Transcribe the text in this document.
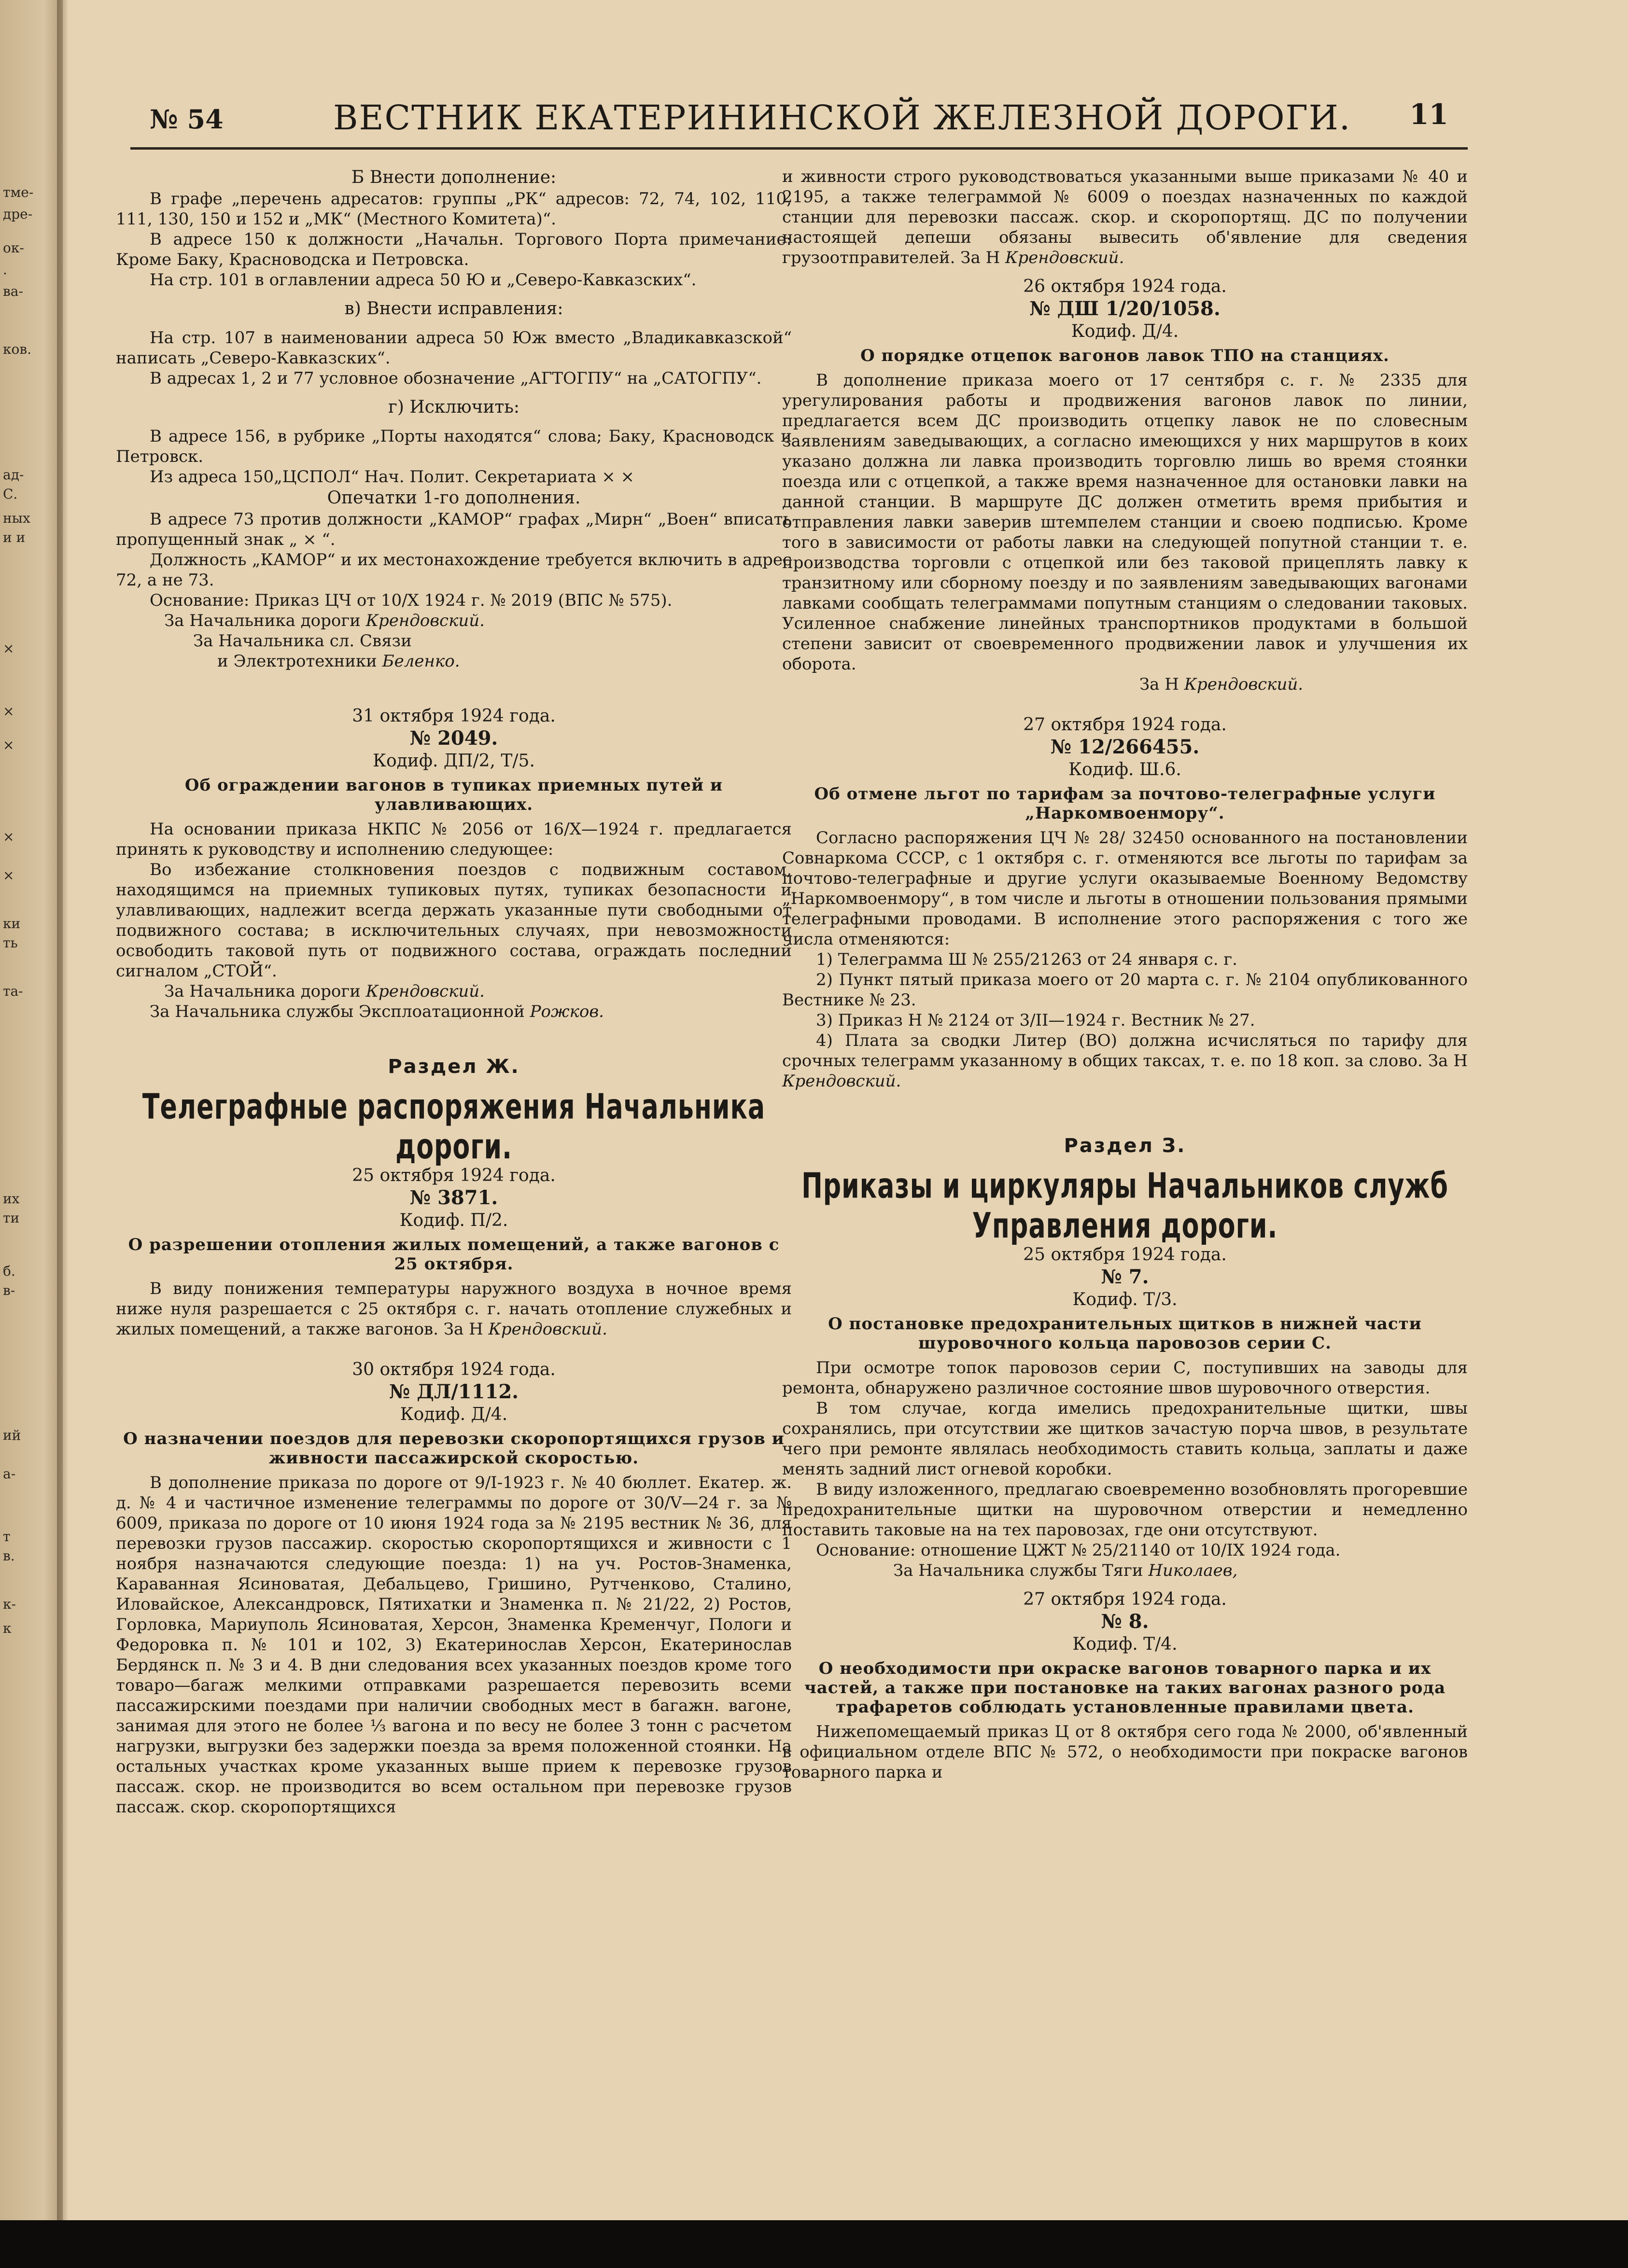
тме-
дре-
ок-
.
ва-
ков.
ад-
С.
ных
и и
×
×
×
×
×
ки
ть
та-
их
ти
б.
в-
ий
а-
т
в.
к-
к
№ 54	ВЕСТНИК ЕКАТЕРИНИНСКОЙ ЖЕЛЕЗНОЙ ДОРОГИ. 11

Б Внести дополнение:

В графе „перечень адресатов: группы „РК“ адресов: 72, 74, 102, 110, 111, 130, 150 и 152 и „МК“ (Местного Комитета)“.

В адресе 150 к должности „Начальн. Торгового Порта примечание: Кроме Баку, Красноводска и Петровска.

На стр. 101 в оглавлении адреса 50 Ю и „Северо-Кавказских“.

в) Внести исправления:

На стр. 107 в наименовании адреса 50 Юж вместо „Владикавказской“ написать „Северо-Кавказских“.

В адресах 1, 2 и 77 условное обозначение „АГТОГПУ“ на „САТОГПУ“.

г) Исключить:

В адресе 156, в рубрике „Порты находятся“ слова; Баку, Красноводск и Петровск.

Из адреса 150„ЦСПОЛ“ Нач. Полит. Секретариата × ×

Опечатки 1-го дополнения.

В адресе 73 против должности „КАМОР“ графах „Мирн“ „Воен“ вписать пропущенный знак „ × “.

Должность „КАМОР“ и их местонахождение требуется включить в адрес 72, а не 73.

Основание: Приказ ЦЧ от 10/Х 1924 г. № 2019 (ВПС № 575).

За Начальника дороги Крендовский.

За Начальника сл. Связи

и Электротехники Беленко.

31 октября 1924 года.

№ 2049.

Кодиф. ДП/2, Т/5.

Об ограждении вагонов в тупиках приемных путей и улавливающих.

На основании приказа НКПС № 2056 от 16/Х—1924 г. предлагается принять к руководству и исполнению следующее:

Во избежание столкновения поездов с подвижным составом, находящимся на приемных тупиковых путях, тупиках безопасности и улавливающих, надлежит всегда держать указанные пути свободными от подвижного состава; в исключительных случаях, при невозможности освободить таковой путь от подвижного состава, ограждать последний сигналом „СТОЙ“.

За Начальника дороги Крендовский.

За Начальника службы Эксплоатационной Рожков.

Раздел Ж.

Телеграфные распоряжения Начальника дороги.

25 октября 1924 года.

№ 3871.

Кодиф. П/2.

О разрешении отопления жилых помещений, а также вагонов с 25 октября.

В виду понижения температуры наружного воздуха в ночное время ниже нуля разрешается с 25 октября с. г. начать отопление служебных и жилых помещений, а также вагонов. За Н Крендовский.

30 октября 1924 года.

№ ДЛ/1112.

Кодиф. Д/4.

О назначении поездов для перевозки скоропортящихся грузов и живности пассажирской скоростью.

В дополнение приказа по дороге от 9/I-1923 г. № 40 бюллет. Екатер. ж. д. № 4 и частичное изменение телеграммы по дороге от 30/V—24 г. за № 6009, приказа по дороге от 10 июня 1924 года за № 2195 вестник № 36, для перевозки грузов пассажир. скоростью скоропортящихся и живности с 1 ноября назначаются следующие поезда: 1) на уч. Ростов-Знаменка, Караванная Ясиноватая, Дебальцево, Гришино, Рутченково, Сталино, Иловайское, Александровск, Пятихатки и Знаменка п. № 21/22, 2) Ростов, Горловка, Мариуполь Ясиноватая, Херсон, Знаменка Кременчуг, Пологи и Федоровка п. № 101 и 102, 3) Екатеринослав Херсон, Екатеринослав Бердянск п. № 3 и 4. В дни следования всех указанных поездов кроме того товаро—багаж мелкими отправками разрешается перевозить всеми пассажирскими поездами при наличии свободных мест в багажн. вагоне, занимая для этого не более ⅓ вагона и по весу не более 3 тонн с расчетом нагрузки, выгрузки без задержки поезда за время положенной стоянки. На остальных участках кроме указанных выше прием к перевозке грузов пассаж. скор. не производится во всем остальном при перевозке грузов пассаж. скор. скоропортящихся

и живности строго руководствоваться указанными выше приказами № 40 и 2195, а также телеграммой № 6009 о поездах назначенных по каждой станции для перевозки пассаж. скор. и скоропортящ. ДС по получении настоящей депеши обязаны вывесить об'явление для сведения грузоотправителей. За Н Крендовский.

26 октября 1924 года.

№ ДШ 1/20/1058.

Кодиф. Д/4.

О порядке отцепок вагонов лавок ТПО на станциях.

В дополнение приказа моего от 17 сентября с. г. № 2335 для урегулирования работы и продвижения вагонов лавок по линии, предлагается всем ДС производить отцепку лавок не по словесным заявлениям заведывающих, а согласно имеющихся у них маршрутов в коих указано должна ли лавка производить торговлю лишь во время стоянки поезда или с отцепкой, а также время назначенное для остановки лавки на данной станции. В маршруте ДС должен отметить время прибытия и отправления лавки заверив штемпелем станции и своею подписью. Кроме того в зависимости от работы лавки на следующей попутной станции т. е. производства торговли с отцепкой или без таковой прицеплять лавку к транзитному или сборному поезду и по заявлениям заведывающих вагонами лавками сообщать телеграммами попутным станциям о следовании таковых. Усиленное снабжение линейных транспортников продуктами в большой степени зависит от своевременного продвижении лавок и улучшения их оборота.

За Н Крендовский.

27 октября 1924 года.

№ 12/266455.

Кодиф. Ш.6.

Об отмене льгот по тарифам за почтово-телеграфные услуги „Наркомвоенмору“.

Согласно распоряжения ЦЧ № 28/ 32450 основанного на постановлении Совнаркома СССР, с 1 октября с. г. отменяются все льготы по тарифам за почтово-телеграфные и другие услуги оказываемые Военному Ведомству „Наркомвоенмору“, в том числе и льготы в отношении пользования прямыми телеграфными проводами. В исполнение этого распоряжения с того же числа отменяются:

1) Телеграмма Ш № 255/21263 от 24 января с. г.

2) Пункт пятый приказа моего от 20 марта с. г. № 2104 опубликованного Вестнике № 23.

3) Приказ Н № 2124 от 3/II—1924 г. Вестник № 27.

4) Плата за сводки Литер (ВО) должна исчисляться по тарифу для срочных телеграмм указанному в общих таксах, т. е. по 18 коп. за слово. За Н Крендовский.

Раздел З.

Приказы и циркуляры Начальников служб Управления дороги.

25 октября 1924 года.

№ 7.

Кодиф. Т/3.

О постановке предохранительных щитков в нижней части шуровочного кольца паровозов серии С.

При осмотре топок паровозов серии С, поступивших на заводы для ремонта, обнаружено различное состояние швов шуровочного отверстия.

В том случае, когда имелись предохранительные щитки, швы сохранялись, при отсутствии же щитков зачастую порча швов, в результате чего при ремонте являлась необходимость ставить кольца, заплаты и даже менять задний лист огневой коробки.

В виду изложенного, предлагаю своевременно возобновлять прогоревшие предохранительные щитки на шуровочном отверстии и немедленно поставить таковые на на тех паровозах, где они отсутствуют.

Основание: отношение ЦЖТ № 25/21140 от 10/IX 1924 года.

За Начальника службы Тяги Николаев,

27 октября 1924 года.

№ 8.

Кодиф. Т/4.

О необходимости при окраске вагонов товарного парка и их частей, а также при постановке на таких вагонах разного рода трафаретов соблюдать установленные правилами цвета.

Нижепомещаемый приказ Ц от 8 октября сего года № 2000, об'явленный в официальном отделе ВПС № 572, о необходимости при покраске вагонов товарного парка и
